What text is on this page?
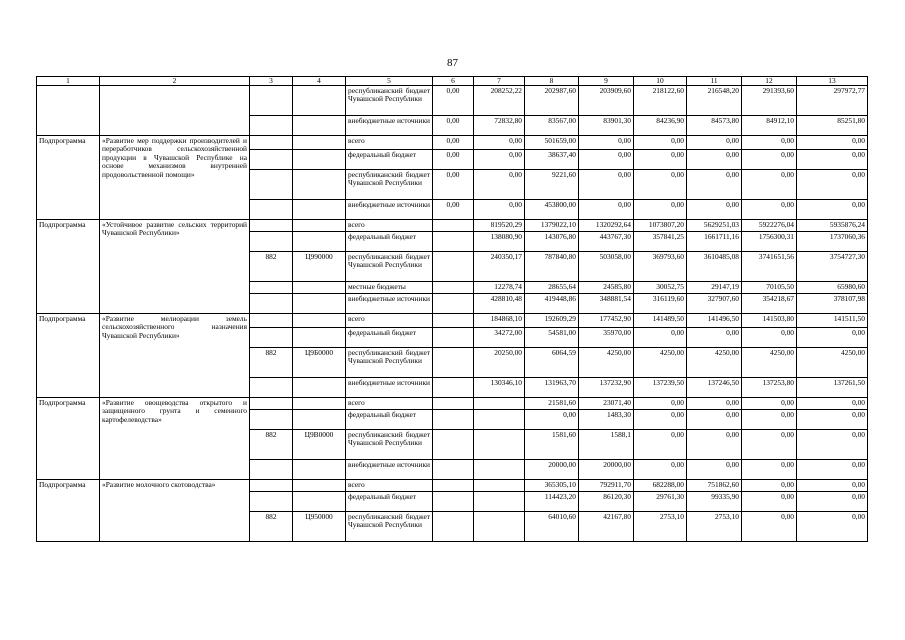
87
1	2	3	4	5	6	7	8	9	10	11	12	13
				республиканский бюджет Чувашской Республики	0,00	208252,22	202987,60	203909,60	218122,60	216548,20	291393,60	297972,77
				внебюджетные источники	0,00	72832,80	83567,00	83901,30	84236,90	84573,80	84912,10	85251,80
Подпрограмма	«Развитие мер поддержки производителей и переработчиков сельскохозяйственной продукции в Чувашской Республике на основе механизмов внутренней продовольственной помощи»			всего	0,00	0,00	501659,00	0,00	0,00	0,00	0,00	0,00
				федеральный бюджет	0,00	0,00	38637,40	0,00	0,00	0,00	0,00	0,00
				республиканский бюджет Чувашской Республики	0,00	0,00	9221,60	0,00	0,00	0,00	0,00	0,00
				внебюджетные источники	0,00	0,00	453800,00	0,00	0,00	0,00	0,00	0,00
Подпрограмма	«Устойчивое развитие сельских территорий Чувашской Республики»			всего		819520,29	1379022,10	1320292,64	1073807,20	5629251,03	5922276,04	5935876,24
				федеральный бюджет		138080,90	143076,80	443767,30	357841,25	1661711,16	1756300,31	1737060,36
		882	Ц990000	республиканский бюджет Чувашской Республики		240350,17	787840,80	503058,00	369793,60	3610485,08	3741651,56	3754727,30
				местные бюджеты		12278,74	28655,64	24585,80	30052,75	29147,19	70105,50	65980,60
				внебюджетные источники		428810,48	419448,86	348881,54	316119,60	327907,60	354218,67	378107,98
Подпрограмма	«Развитие мелиорации земель сельскохозяйственного назначения Чувашской Республики»			всего		184868,10	192609,29	177452,90	141489,50	141496,50	141503,80	141511,50
				федеральный бюджет		34272,00	54581,00	35970,00	0,00	0,00	0,00	0,00
		882	Ц9Б0000	республиканский бюджет Чувашской Республики		20250,00	6064,59	4250,00	4250,00	4250,00	4250,00	4250,00
				внебюджетные источники		130346,10	131963,70	137232,90	137239,50	137246,50	137253,80	137261,50
Подпрограмма	«Развитие овощеводства открытого и защищенного грунта и семенного картофелеводства»			всего			21581,60	23071,40	0,00	0,00	0,00	0,00
				федеральный бюджет			0,00	1483,30	0,00	0,00	0,00	0,00
		882	Ц9В0000	республиканский бюджет Чувашской Республики			1581,60	1588,1	0,00	0,00	0,00	0,00
				внебюджетные источники			20000,00	20000,00	0,00	0,00	0,00	0,00
Подпрограмма	«Развитие молочного скотоводства»			всего			365305,10	792911,70	682288,00	751862,60	0,00	0,00
				федеральный бюджет			114423,20	86120,30	29761,30	99335,90	0,00	0,00
		882	Ц950000	республиканский бюджет Чувашской Республики			64010,60	42167,80	2753,10	2753,10	0,00	0,00
